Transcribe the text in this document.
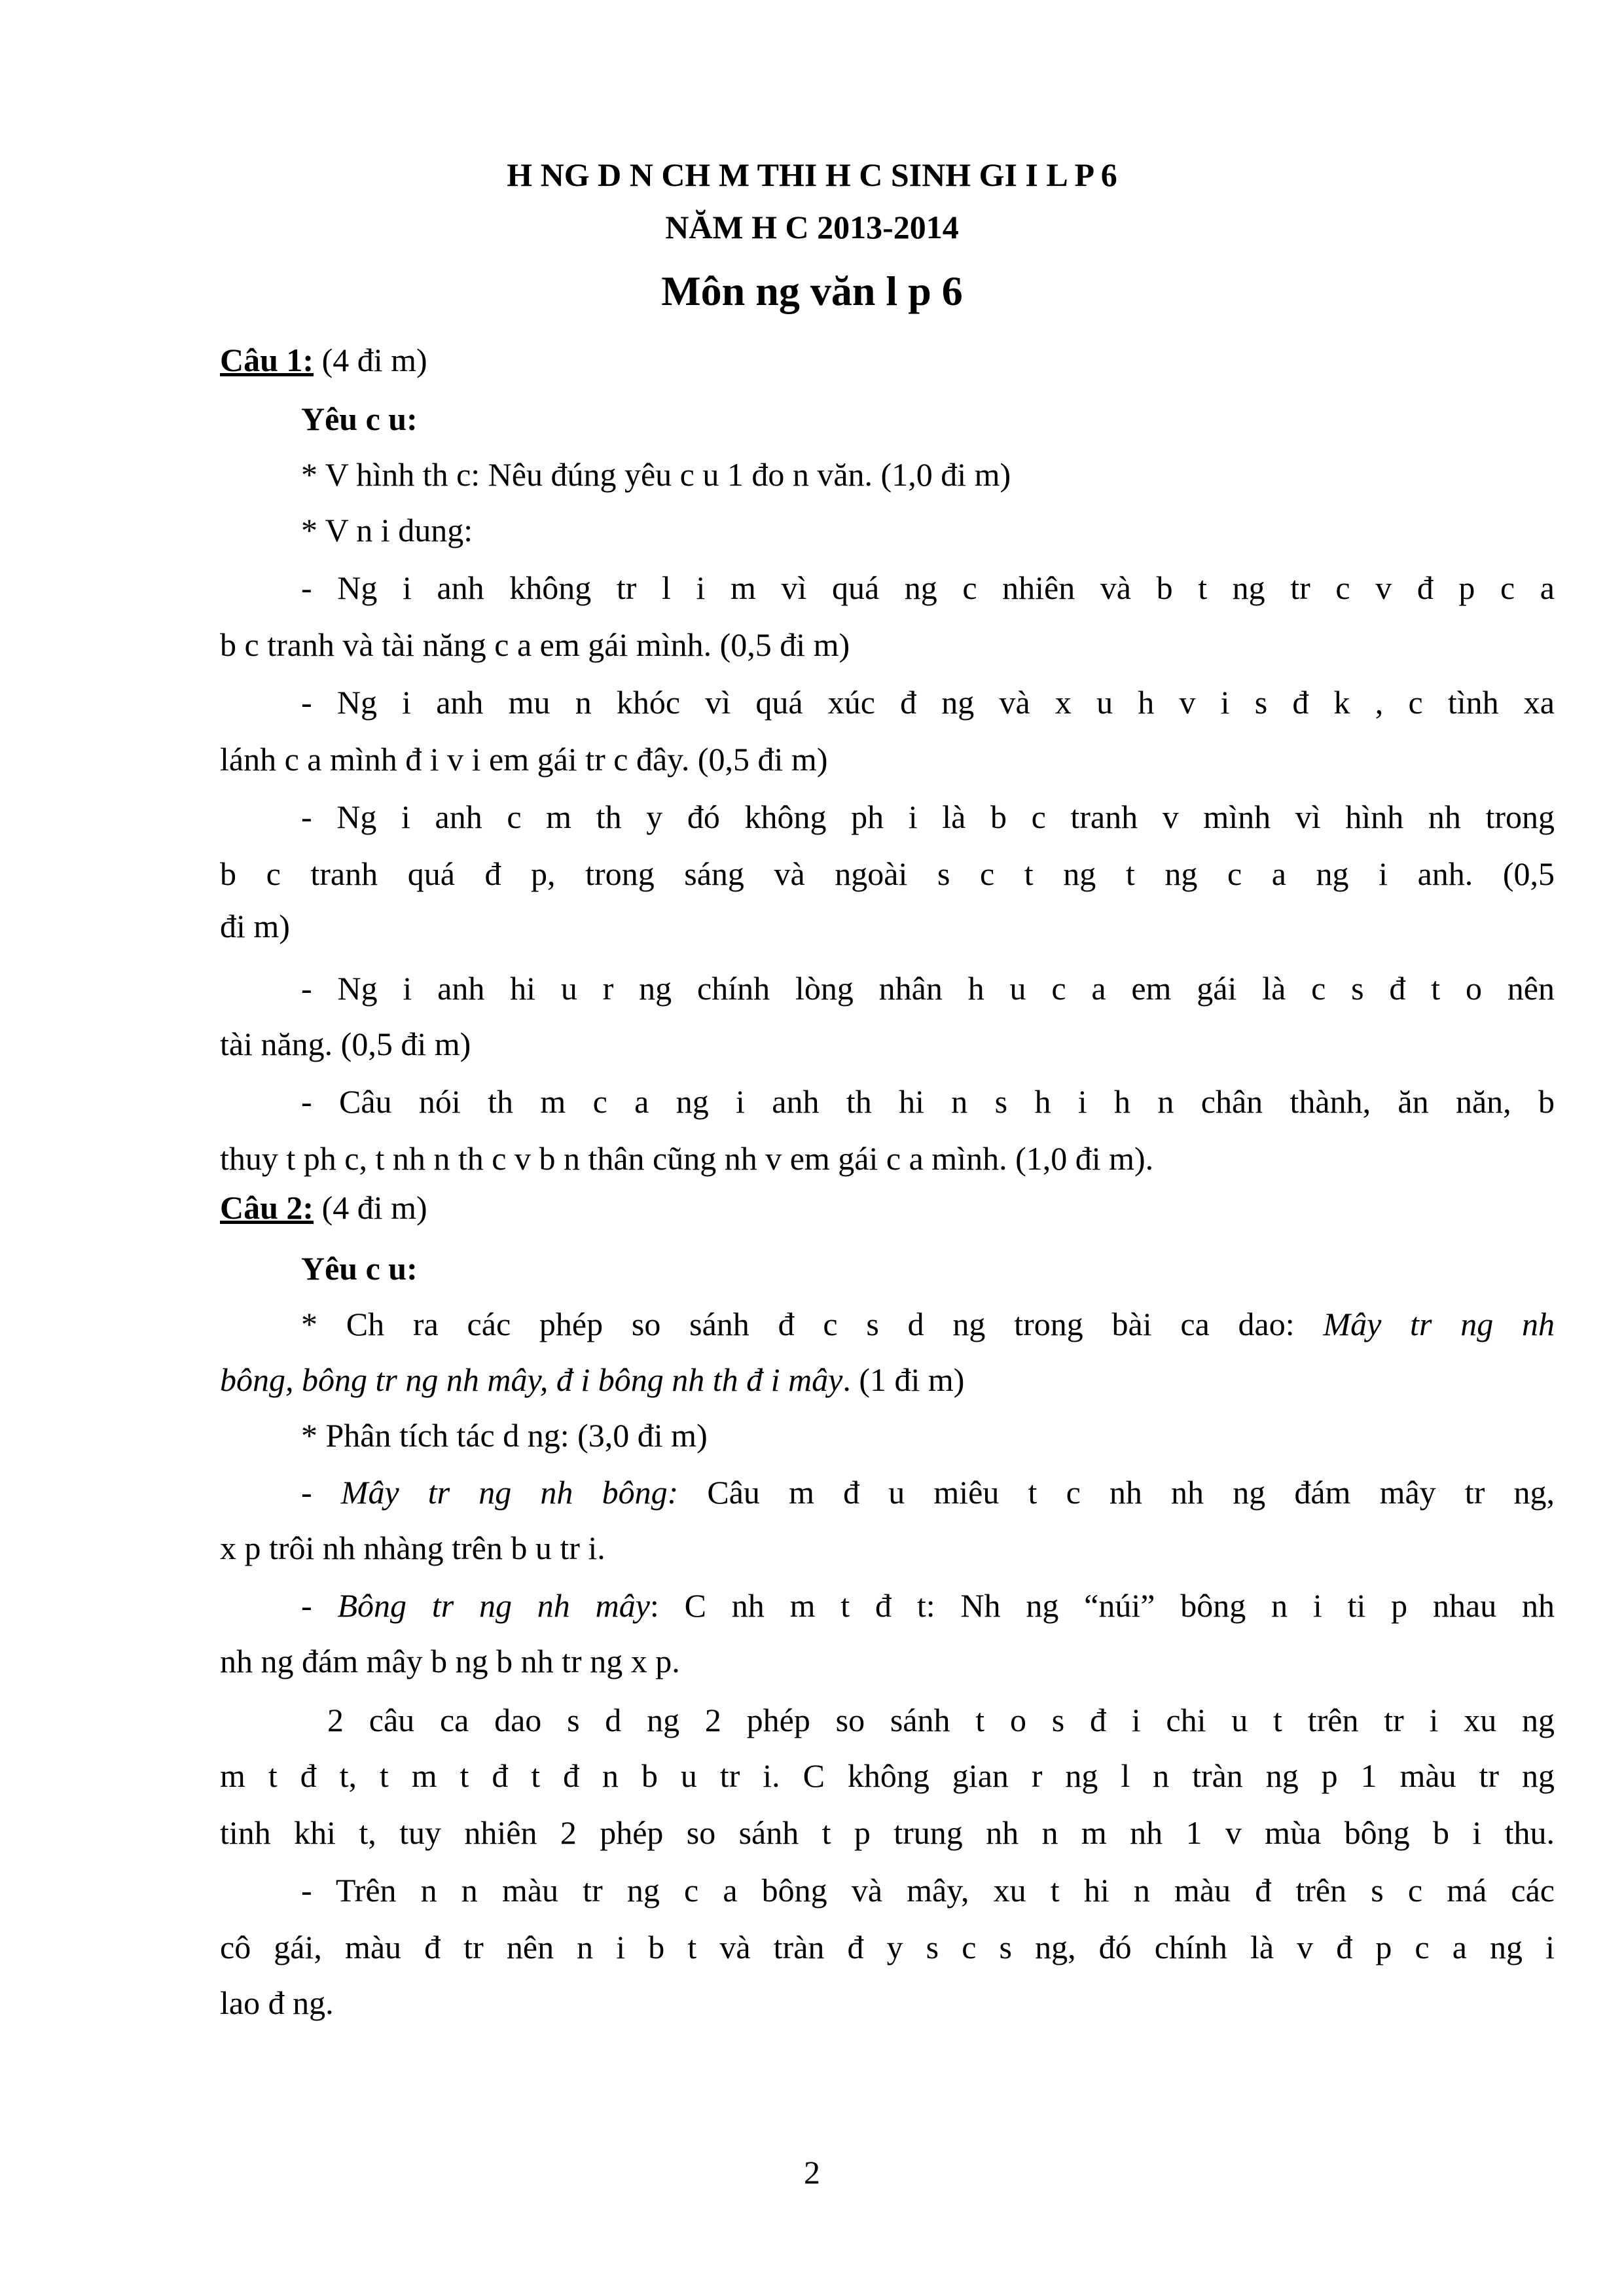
H NG D N CH M THI H C SINH GI I L P 6
NĂM H C 2013-2014
Môn ng văn l p 6
Câu 1: (4 đi m)
Yêu c u:
* V hình th c: Nêu đúng yêu c u 1 đo n văn. (1,0 đi m)
* V n i dung:
- Ng i anh không tr l i m vì quá ng c nhiên và b t ng tr c v đ p c a
b c tranh và tài năng c a em gái mình. (0,5 đi m)
- Ng i anh mu n khóc vì quá xúc đ ng và x u h v i s đ k , c tình xa
lánh c a mình đ i v i em gái tr c đây. (0,5 đi m)
- Ng i anh c m th y đó không ph i là b c tranh v mình vì hình nh trong
b c tranh quá đ p, trong sáng và ngoài s c t ng t ng c a ng i anh. (0,5
đi m)
- Ng i anh hi u r ng chính lòng nhân h u c a em gái là c s đ t o nên
tài năng. (0,5 đi m)
- Câu nói th m c a ng i anh th hi n s h i h n chân thành, ăn năn, b
thuy t ph c, t nh n th c v b n thân cũng nh v em gái c a mình. (1,0 đi m).
Câu 2: (4 đi m)
Yêu c u:
* Ch ra các phép so sánh đ c s d ng trong bài ca dao: Mây tr ng nh
bông, bông tr ng nh mây, đ i bông nh th đ i mây. (1 đi m)
* Phân tích tác d ng: (3,0 đi m)
- Mây tr ng nh bông: Câu m đ u miêu t c nh nh ng đám mây tr ng,
x p trôi nh nhàng trên b u tr i.
- Bông tr ng nh mây: C nh m t đ t: Nh ng “núi” bông n i ti p nhau nh
nh ng đám mây b ng b nh tr ng x p.
2 câu ca dao s d ng 2 phép so sánh t o s đ i chi u t trên tr i xu ng
m t đ t, t m t đ t đ n b u tr i. C không gian r ng l n tràn ng p 1 màu tr ng
tinh khi t, tuy nhiên 2 phép so sánh t p trung nh n m nh 1 v mùa bông b i thu.
- Trên n n màu tr ng c a bông và mây, xu t hi n màu đ trên s c má các
cô gái, màu đ tr nên n i b t và tràn đ y s c s ng, đó chính là v đ p c a ng i
lao đ ng.
2
